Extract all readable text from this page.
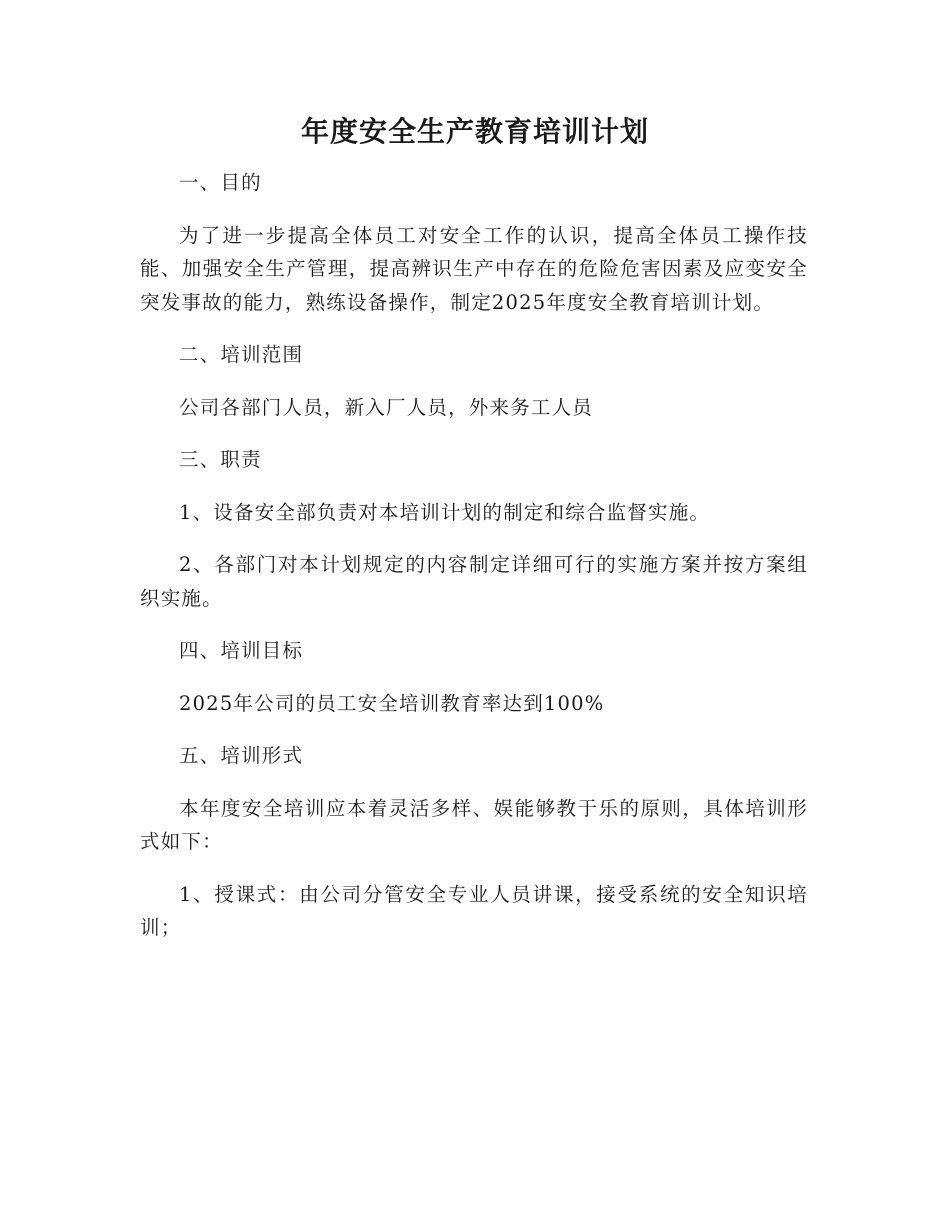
年度安全生产教育培训计划

一、目的

为了进一步提高全体员工对安全工作的认识，提高全体员工操作技能、加强安全生产管理，提高辨识生产中存在的危险危害因素及应变安全突发事故的能力，熟练设备操作，制定2025年度安全教育培训计划。

二、培训范围

公司各部门人员，新入厂人员，外来务工人员

三、职责

1、设备安全部负责对本培训计划的制定和综合监督实施。

2、各部门对本计划规定的内容制定详细可行的实施方案并按方案组织实施。

四、培训目标

2025年公司的员工安全培训教育率达到100%

五、培训形式

本年度安全培训应本着灵活多样、娱能够教于乐的原则，具体培训形式如下：

1、授课式：由公司分管安全专业人员讲课，接受系统的安全知识培训；
